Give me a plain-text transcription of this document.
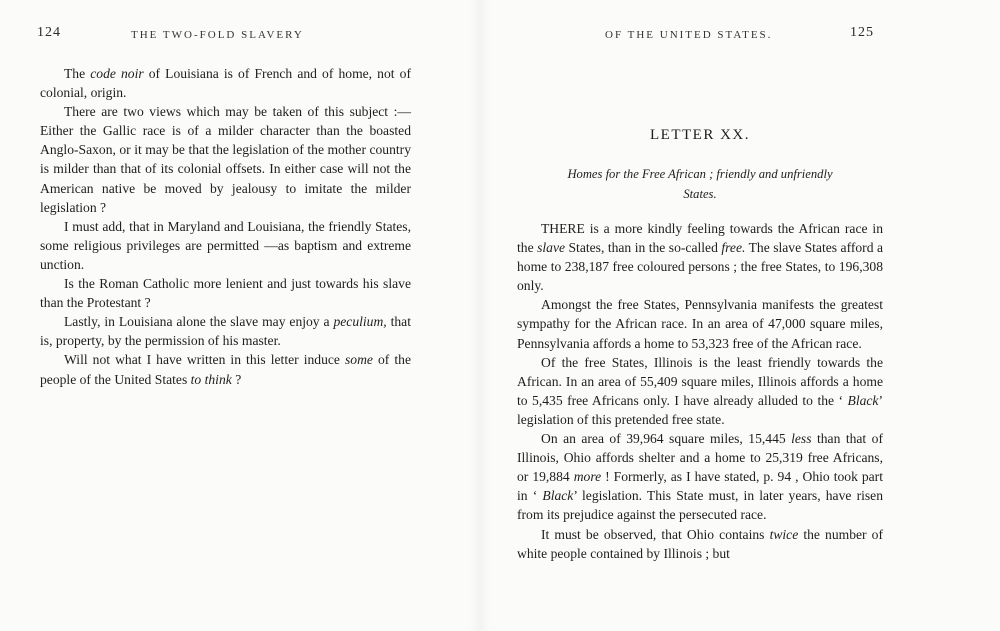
124	THE TWO-FOLD SLAVERY

The code noir of Louisiana is of French and of home, not of colonial, origin.

There are two views which may be taken of this subject :—Either the Gallic race is of a milder character than the boasted Anglo-Saxon, or it may be that the legislation of the mother country is milder than that of its colonial offsets. In either case will not the American native be moved by jealousy to imitate the milder legislation ?

I must add, that in Maryland and Louisiana, the friendly States, some religious privileges are permitted —as baptism and extreme unction.

Is the Roman Catholic more lenient and just towards his slave than the Protestant ?

Lastly, in Louisiana alone the slave may enjoy a peculium, that is, property, by the permission of his master.

Will not what I have written in this letter induce some of the people of the United States to think ?

OF THE UNITED STATES.	125
LETTER XX.
Homes for the Free African ; friendly and unfriendly
States.

THERE is a more kindly feeling towards the African race in the slave States, than in the so-called free. The slave States afford a home to 238,187 free coloured persons ; the free States, to 196,308 only.

Amongst the free States, Pennsylvania manifests the greatest sympathy for the African race. In an area of 47,000 square miles, Pennsylvania affords a home to 53,323 free of the African race.

Of the free States, Illinois is the least friendly towards the African. In an area of 55,409 square miles, Illinois affords a home to 5,435 free Africans only. I have already alluded to the ‘ Black’ legislation of this pretended free state.

On an area of 39,964 square miles, 15,445 less than that of Illinois, Ohio affords shelter and a home to 25,319 free Africans, or 19,884 more ! Formerly, as I have stated, p. 94 , Ohio took part in ‘ Black’ legislation. This State must, in later years, have risen from its prejudice against the persecuted race.

It must be observed, that Ohio contains twice the number of white people contained by Illinois ; but
